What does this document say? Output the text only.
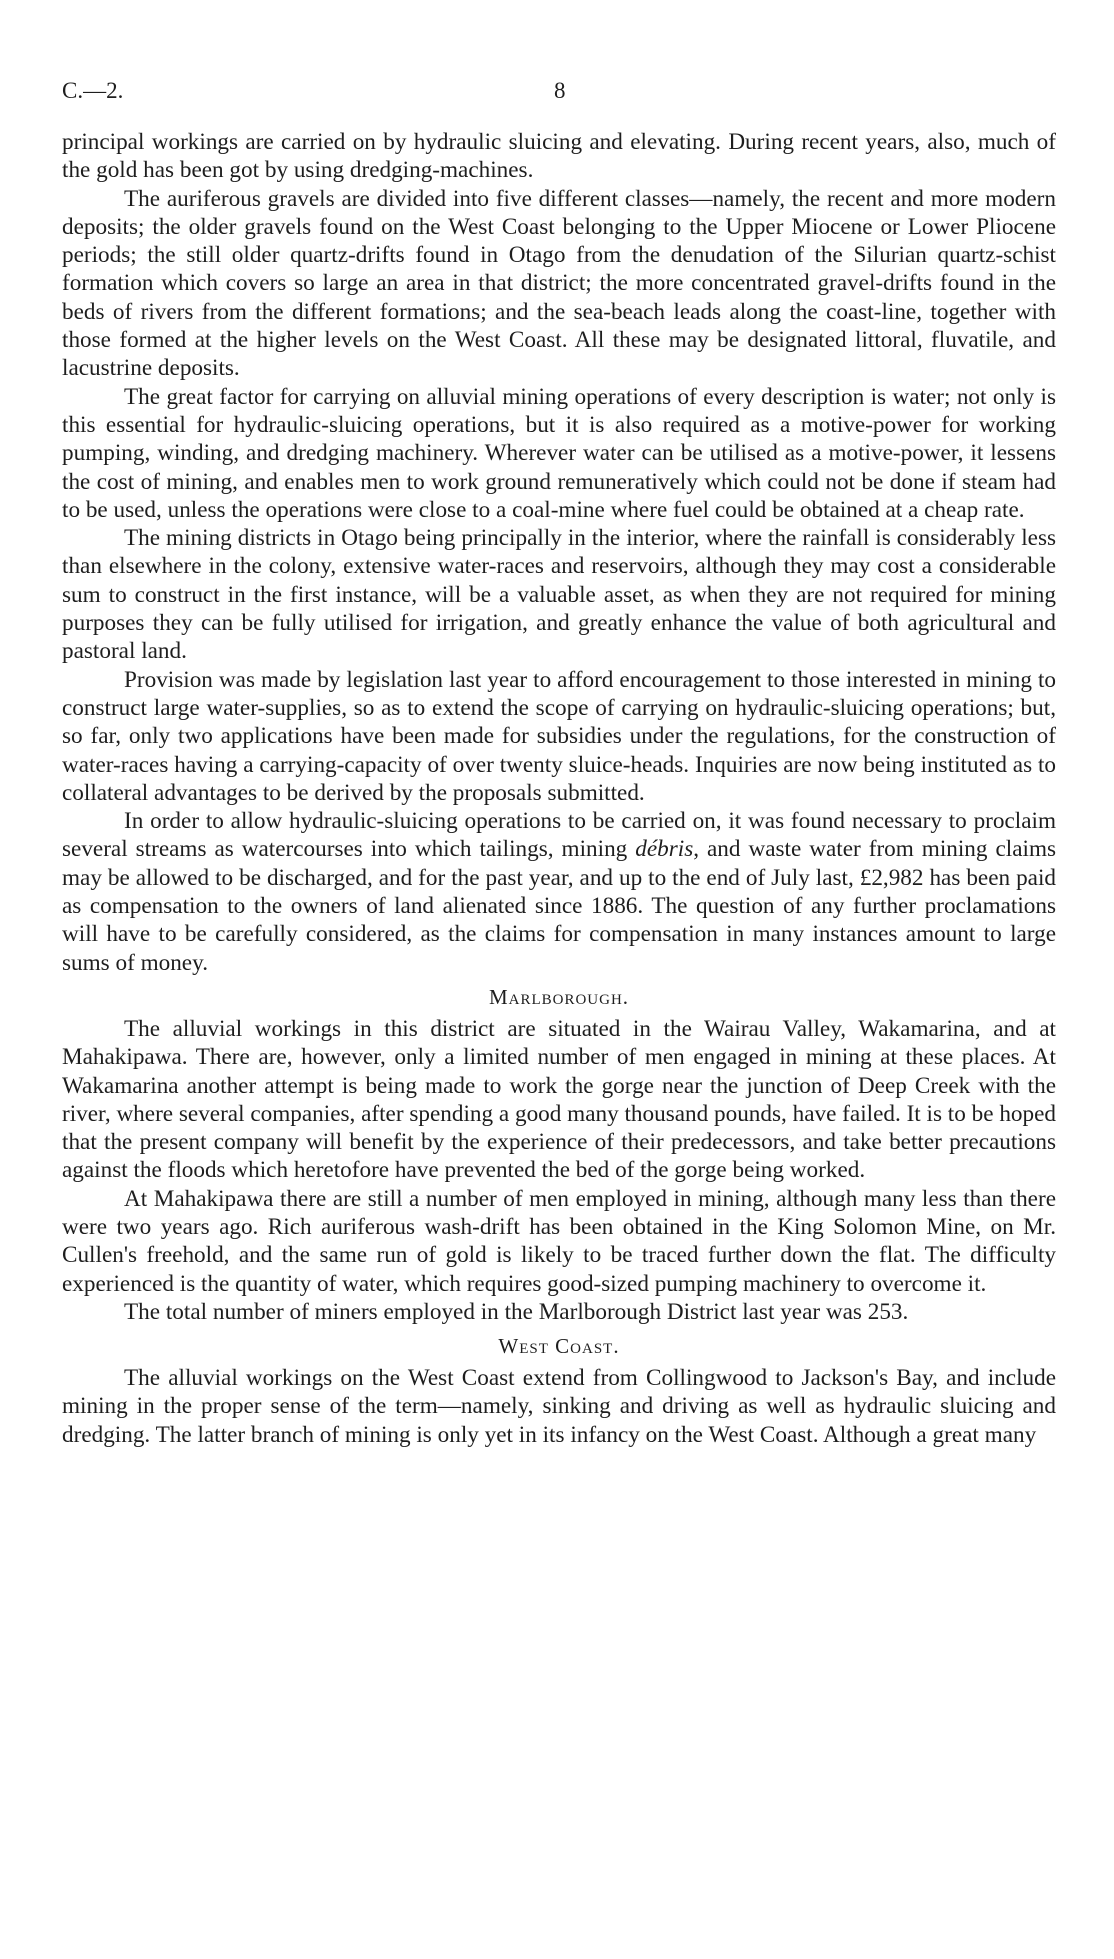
C.—2.	8

principal workings are carried on by hydraulic sluicing and elevating. During recent years, also, much of the gold has been got by using dredging-machines.

The auriferous gravels are divided into five different classes—namely, the recent and more modern deposits; the older gravels found on the West Coast belonging to the Upper Miocene or Lower Pliocene periods; the still older quartz-drifts found in Otago from the denudation of the Silurian quartz-schist formation which covers so large an area in that district; the more concentrated gravel-drifts found in the beds of rivers from the different formations; and the sea-beach leads along the coast-line, together with those formed at the higher levels on the West Coast. All these may be designated littoral, fluvatile, and lacustrine deposits.

The great factor for carrying on alluvial mining operations of every description is water; not only is this essential for hydraulic-sluicing operations, but it is also required as a motive-power for working pumping, winding, and dredging machinery. Wherever water can be utilised as a motive-power, it lessens the cost of mining, and enables men to work ground remuneratively which could not be done if steam had to be used, unless the operations were close to a coal-mine where fuel could be obtained at a cheap rate.

The mining districts in Otago being principally in the interior, where the rainfall is considerably less than elsewhere in the colony, extensive water-races and reservoirs, although they may cost a considerable sum to construct in the first instance, will be a valuable asset, as when they are not required for mining purposes they can be fully utilised for irrigation, and greatly enhance the value of both agricultural and pastoral land.

Provision was made by legislation last year to afford encouragement to those interested in mining to construct large water-supplies, so as to extend the scope of carrying on hydraulic-sluicing operations; but, so far, only two applications have been made for subsidies under the regulations, for the construction of water-races having a carrying-capacity of over twenty sluice-heads. Inquiries are now being instituted as to collateral advantages to be derived by the proposals submitted.

In order to allow hydraulic-sluicing operations to be carried on, it was found necessary to proclaim several streams as watercourses into which tailings, mining débris, and waste water from mining claims may be allowed to be discharged, and for the past year, and up to the end of July last, £2,982 has been paid as compensation to the owners of land alienated since 1886. The question of any further proclamations will have to be carefully considered, as the claims for compensation in many instances amount to large sums of money.

Marlborough.

The alluvial workings in this district are situated in the Wairau Valley, Wakamarina, and at Mahakipawa. There are, however, only a limited number of men engaged in mining at these places. At Wakamarina another attempt is being made to work the gorge near the junction of Deep Creek with the river, where several companies, after spending a good many thousand pounds, have failed. It is to be hoped that the present company will benefit by the experience of their predecessors, and take better precautions against the floods which heretofore have prevented the bed of the gorge being worked.

At Mahakipawa there are still a number of men employed in mining, although many less than there were two years ago. Rich auriferous wash-drift has been obtained in the King Solomon Mine, on Mr. Cullen's freehold, and the same run of gold is likely to be traced further down the flat. The difficulty experienced is the quantity of water, which requires good-sized pumping machinery to overcome it.

The total number of miners employed in the Marlborough District last year was 253.

West Coast.

The alluvial workings on the West Coast extend from Collingwood to Jackson's Bay, and include mining in the proper sense of the term—namely, sinking and driving as well as hydraulic sluicing and dredging. The latter branch of mining is only yet in its infancy on the West Coast. Although a great many
